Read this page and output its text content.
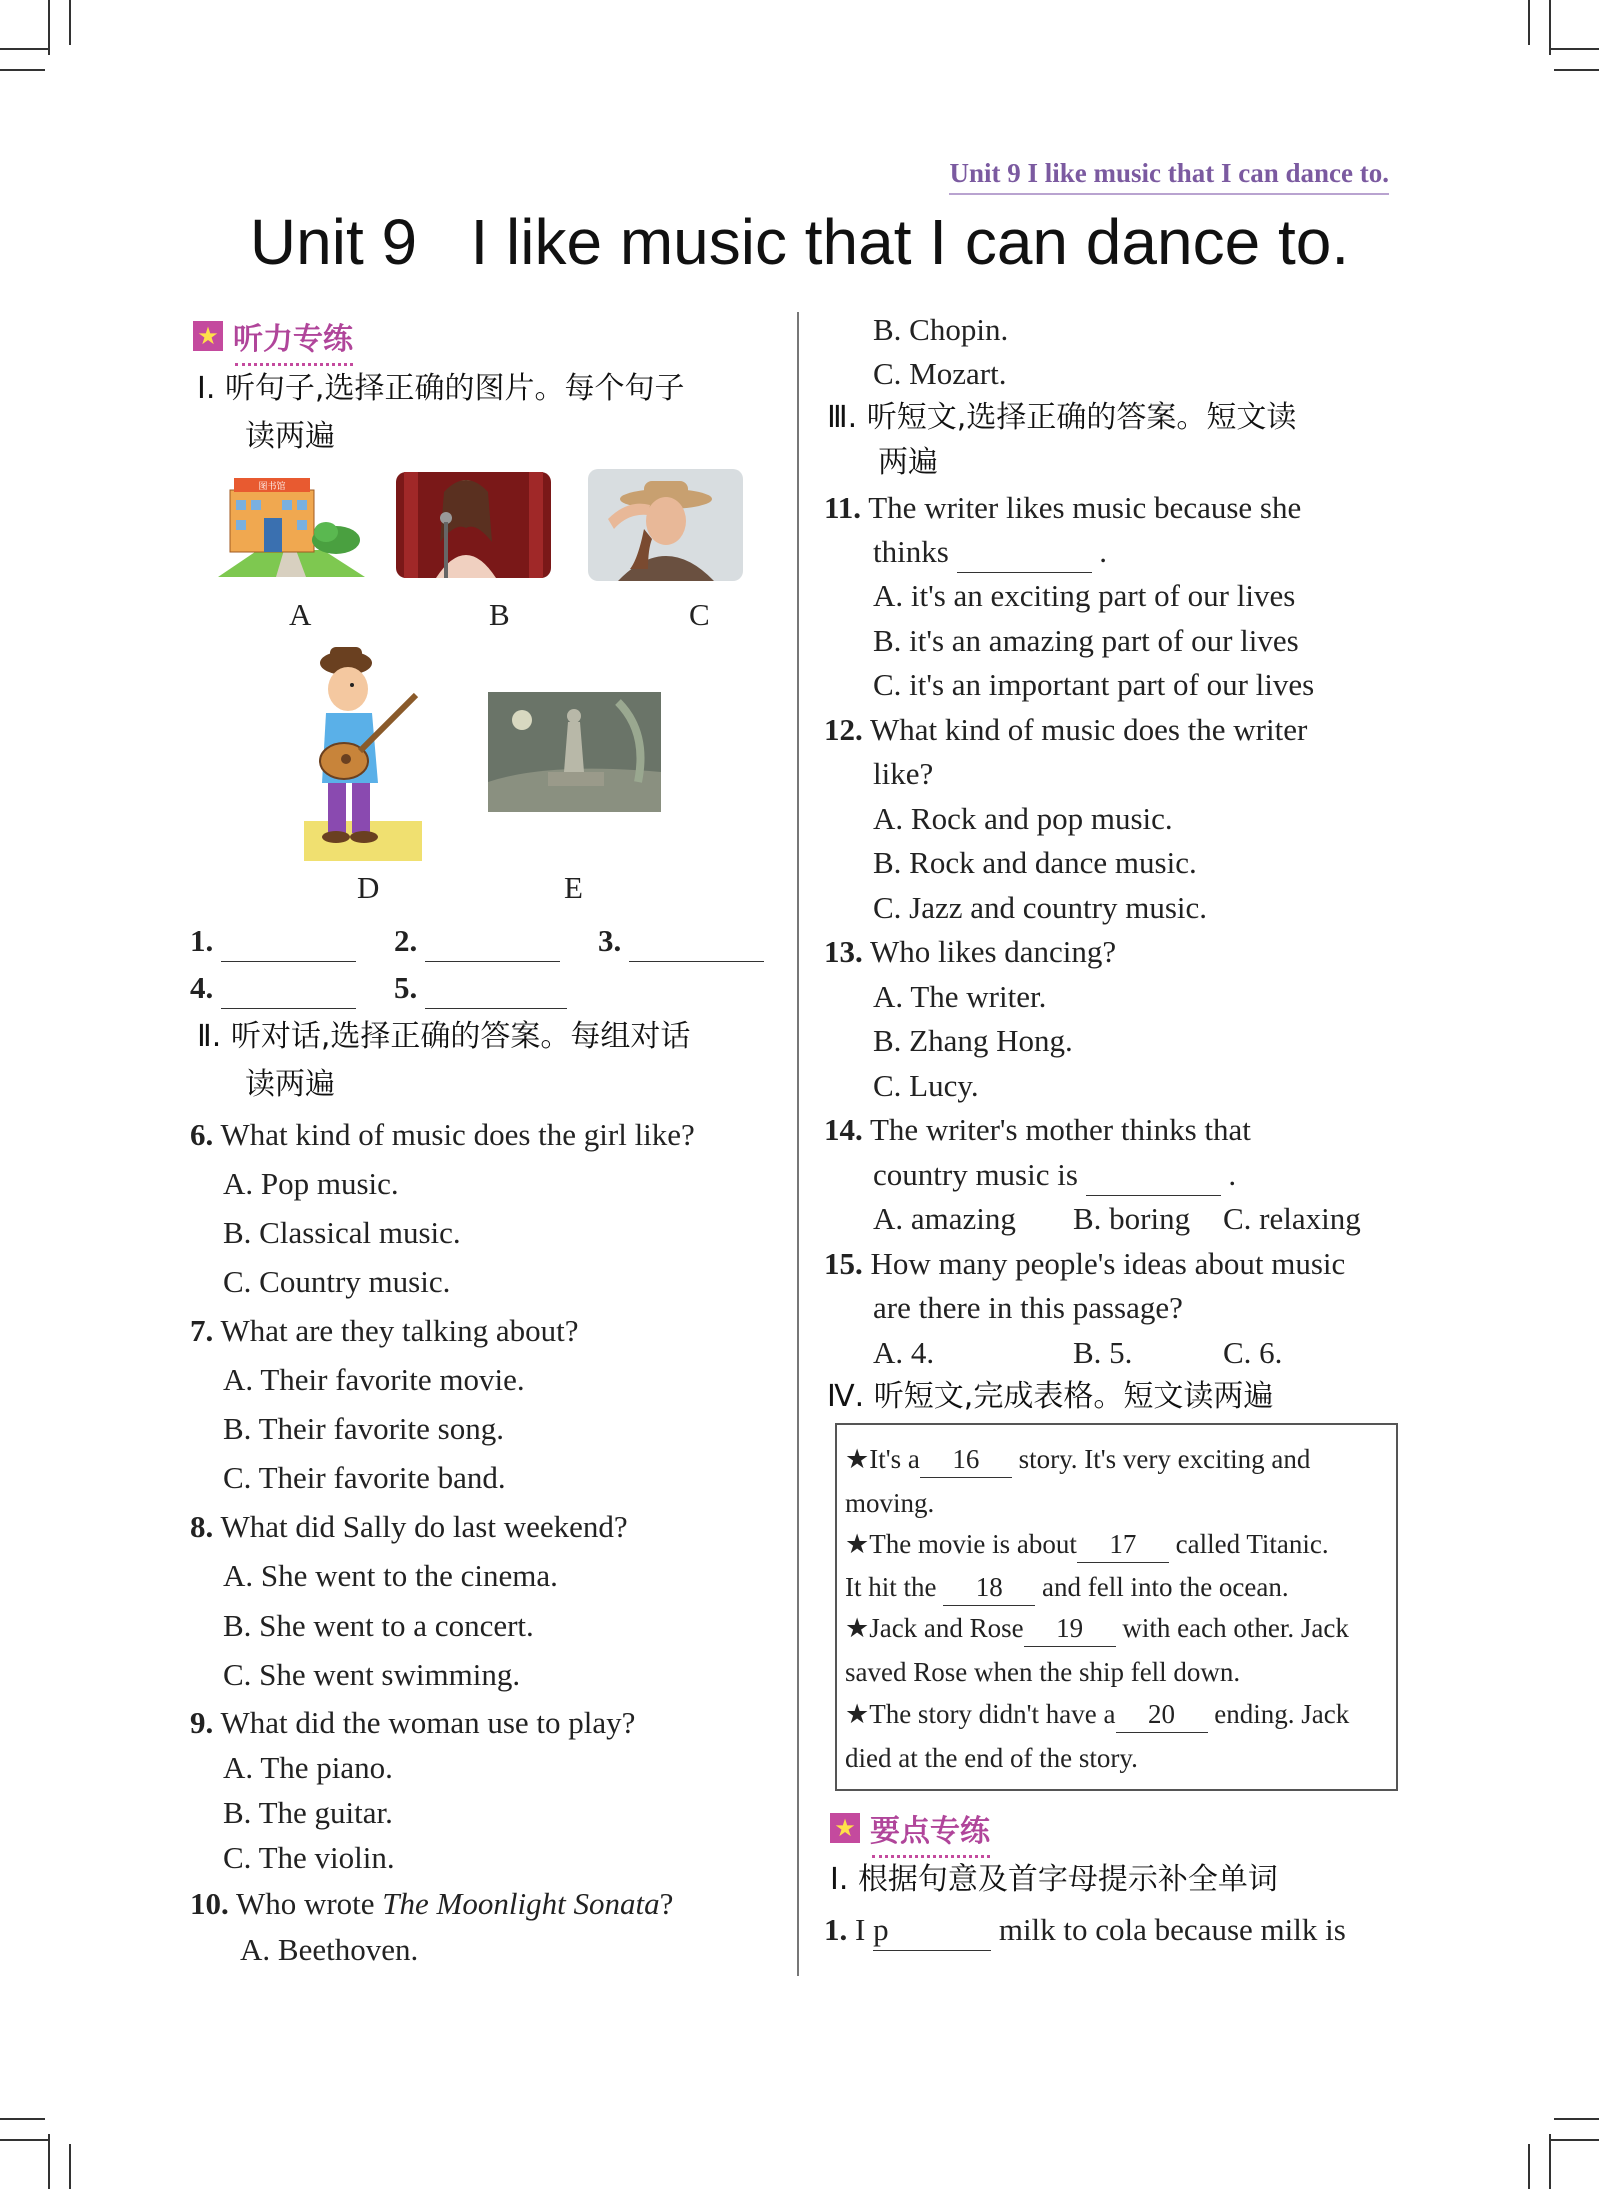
Unit 9 I like music that I can dance to.
Unit 9   I like music that I can dance to.
★ 听力专练
Ⅰ. 听句子,选择正确的图片。每个句子
读两遍
图书馆
A	B	C
D	E
1.	2.	3.
4.	5.
Ⅱ. 听对话,选择正确的答案。每组对话
读两遍
6. What kind of music does the girl like?
A. Pop music.
B. Classical music.
C. Country music.
7. What are they talking about?
A. Their favorite movie.
B. Their favorite song.
C. Their favorite band.
8. What did Sally do last weekend?
A. She went to the cinema.
B. She went to a concert.
C. She went swimming.
9. What did the woman use to play?
A. The piano.
B. The guitar.
C. The violin.
10. Who wrote The Moonlight Sonata?
A. Beethoven.
B. Chopin.
C. Mozart.
Ⅲ. 听短文,选择正确的答案。短文读
两遍
11. The writer likes music because she
thinks	.
A. it's an exciting part of our lives
B. it's an amazing part of our lives
C. it's an important part of our lives
12. What kind of music does the writer
like?
A. Rock and pop music.
B. Rock and dance music.
C. Jazz and country music.
13. Who likes dancing?
A. The writer.
B. Zhang Hong.
C. Lucy.
14. The writer's mother thinks that
country music is	.
A. amazing B. boring C. relaxing
15. How many people's ideas about music
are there in this passage?
A. 4.	B. 5.	C. 6.
Ⅳ. 听短文,完成表格。短文读两遍
★It's a 16 story. It's very exciting and
moving.
★The movie is about 17 called Titanic.
It hit the 18 and fell into the ocean.
★Jack and Rose 19 with each other. Jack
saved Rose when the ship fell down.
★The story didn't have a 20 ending. Jack
died at the end of the story.
★ 要点专练
Ⅰ. 根据句意及首字母提示补全单词
1. I p	milk to cola because milk is
